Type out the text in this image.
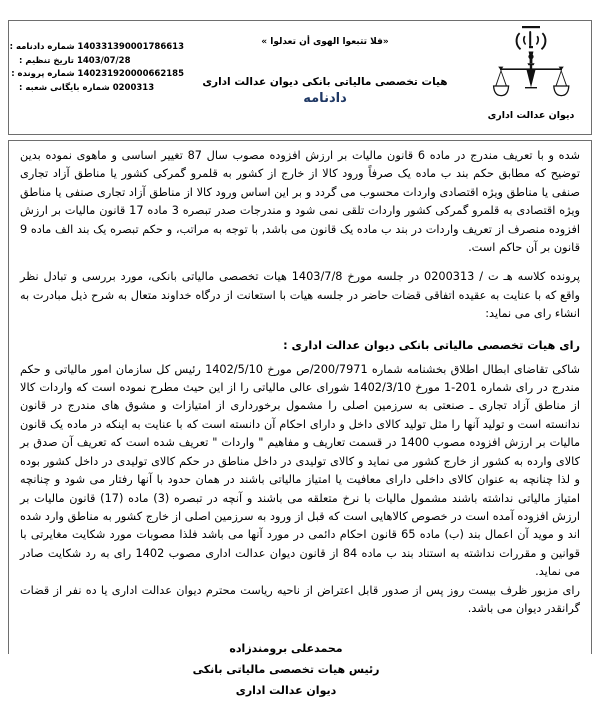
دیوان عدالت اداری
«فلا تتبعوا الهوی أن تعدلوا »
هیات تخصصی مالیاتی بانکی دیوان عدالت اداری
دادنامه
140331390001786613 شماره دادنامه :
1403/07/28 تاریخ تنظیم :
140231920000662185 شماره پرونده :
0200313 شماره بایگانی شعبه :

شده و با تعریف مندرج در ماده 6 قانون مالیات بر ارزش افزوده مصوب سال 87 تغییر اساسی و ماهوی نموده بدین توضیح که مطابق حکم بند ب ماده یک صرفاً ورود کالا از خارج از کشور به قلمرو گمرکی کشور یا مناطق آزاد تجاری صنفی یا مناطق ویژه اقتصادی واردات محسوب می گردد و بر این اساس ورود کالا از مناطق آزاد تجاری صنفی یا مناطق ویژه اقتصادی به قلمرو گمرکی کشور واردات تلقی نمی شود و مندرجات صدر تبصره 3 ماده 17 قانون مالیات بر ارزش افزوده منصرف از تعریف واردات در بند ب ماده یک قانون می باشد, با توجه به مراتب، و حکم تبصره یک بند الف ماده 9 قانون بر آن حاکم است.

پرونده کلاسه هـ ت / 0200313 در جلسه مورخ 1403/7/8 هیات تخصصی مالیاتی بانکی، مورد بررسی و تبادل نظر واقع که با عنایت به عقیده اتفاقی قضات حاضر در جلسه هیات با استعانت از درگاه خداوند متعال به شرح ذیل مبادرت به انشاء رای می نماید:

رای هیات تخصصی مالیاتی بانکی دیوان عدالت اداری :

شاکی تقاضای ابطال اطلاق بخشنامه شماره 200/7971/ص مورخ 1402/5/10 رئیس کل سازمان امور مالیاتی و حکم مندرج در رای شماره 201-1 مورخ 1402/3/10 شورای عالی مالیاتی را از این حیث مطرح نموده است که واردات کالا از مناطق آزاد تجاری ـ صنعتی به سرزمین اصلی را مشمول برخورداری از امتیازات و مشوق های مندرج در قانون ندانسته است و تولید آنها را مثل تولید کالای داخل و دارای احکام آن دانسته است که با عنایت به اینکه در ماده یک قانون مالیات بر ارزش افزوده مصوب 1400 در قسمت تعاریف و مفاهیم " واردات " تعریف شده است که تعریف آن صدق بر کالای وارده به کشور از خارج کشور می نماید و کالای تولیدی در داخل مناطق در حکم کالای تولیدی در داخل کشور بوده و لذا چنانچه به عنوان کالای داخلی دارای معافیت یا امتیاز مالیاتی باشند در همان حدود با آنها رفتار می شود و چنانچه امتیاز مالیاتی نداشته باشند مشمول مالیات با نرخ متعلقه می باشند و آنچه در تبصره (3) ماده (17) قانون مالیات بر ارزش افزوده آمده است در خصوص کالاهایی است که قبل از ورود به سرزمین اصلی از خارج کشور به مناطق وارد شده اند و موید آن اعمال بند (ب) ماده 65 قانون احکام دائمی در مورد آنها می باشد فلذا مصوبات مورد شکایت مغایرتی با قوانین و مقررات نداشته به استناد بند ب ماده 84 از قانون دیوان عدالت اداری مصوب 1402 رای به رد شکایت صادر می نماید.

رای مزبور ظرف بیست روز پس از صدور قابل اعتراض از ناحیه ریاست محترم دیوان عدالت اداری یا ده نفر از قضات گرانقدر دیوان می باشد.

محمدعلی برومندزاده
رئیس هیات تخصصی مالیاتی بانکی
دیوان عدالت اداری
